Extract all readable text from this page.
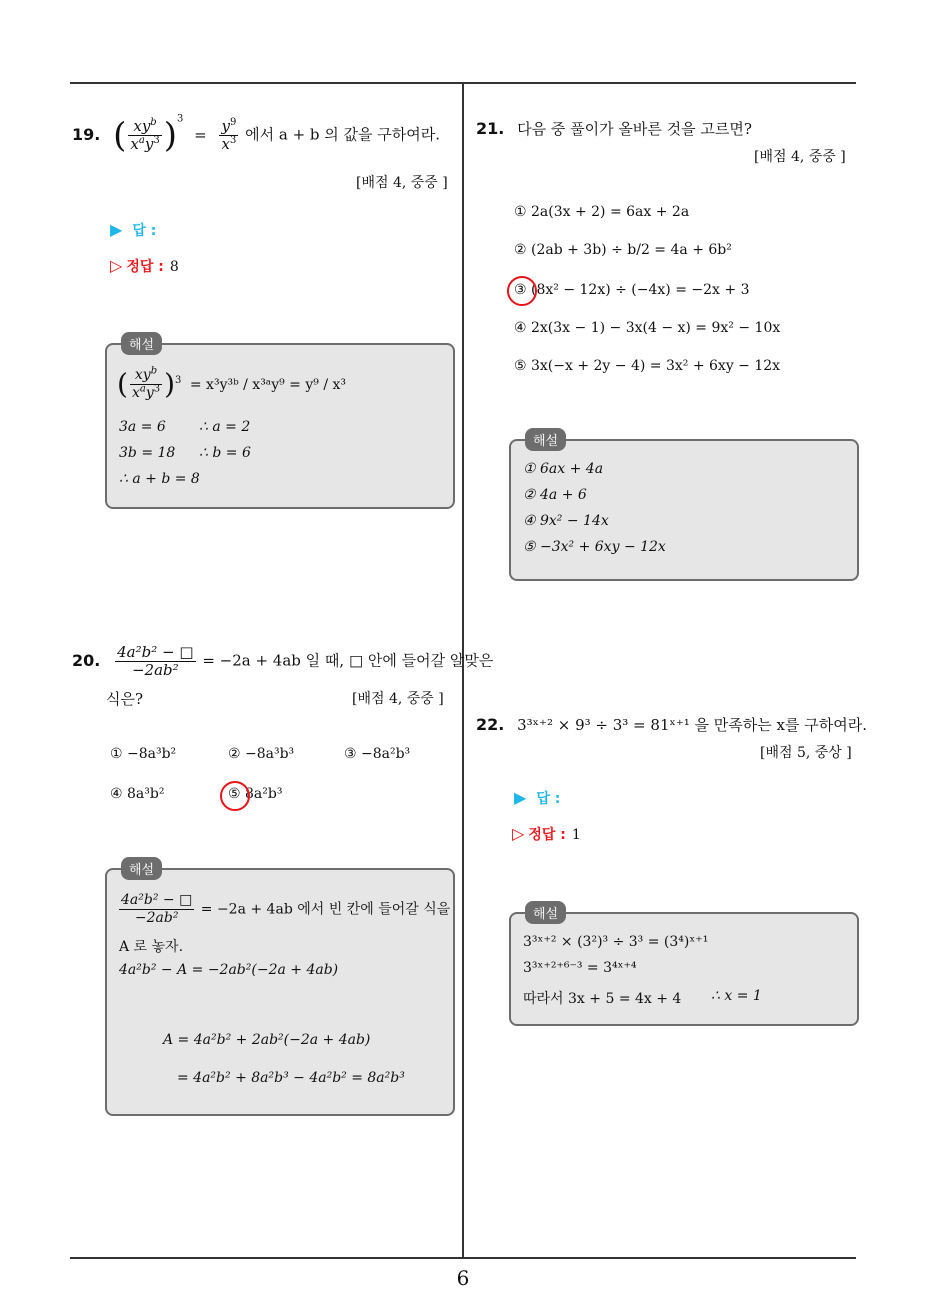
19. ( $\frac{xy^b}{x^ay^3} )^3 = \frac{y^9}{x^3}$ 에서 a + b 의 값을 구하여라.
[배점 4, 중중 ]
▶ 답 :
▷ 정답 : 8
해설
( $\frac{xy^b}{x^ay^3} )^3$ = x³y³ᵇ / x³ᵃy⁹ = y⁹ / x³
3a = 6 ∴ a = 2
3b = 18 ∴ b = 6
∴ a + b = 8
20. $\frac{\text{4a²b² − □}}{\text{−2ab²}} = -2a + 4ab$ 일 때, □ 안에 들어갈 알맞은
식은?	[배점 4, 중중 ]
① −8a³b²	② −8a³b³	③ −8a²b³
④ 8a³b²	⑤ 8a²b³
해설
$\frac{\text{4a²b² − □}}{\text{−2ab²}} = -2a + 4ab$ 에서 빈 칸에 들어갈 식을
A 로 놓자.
4a²b² − A = −2ab²(−2a + 4ab)
A = 4a²b² + 2ab²(−2a + 4ab)
= 4a²b² + 8a²b³ − 4a²b² = 8a²b³
21. 다음 중 풀이가 올바른 것을 고르면?
[배점 4, 중중 ]
① 2a(3x + 2) = 6ax + 2a
② (2ab + 3b) ÷ b/2 = 4a + 6b²
③ (8x² − 12x) ÷ (−4x) = −2x + 3
④ 2x(3x − 1) − 3x(4 − x) = 9x² − 10x
⑤ 3x(−x + 2y − 4) = 3x² + 6xy − 12x
해설
① 6ax + 4a
② 4a + 6
④ 9x² − 14x
⑤ −3x² + 6xy − 12x
22. 3³ˣ⁺² × 9³ ÷ 3³ = 81ˣ⁺¹ 을 만족하는 x를 구하여라.
[배점 5, 중상 ]
▶ 답 :
▷ 정답 : 1
해설
3³ˣ⁺² × (3²)³ ÷ 3³ = (3⁴)ˣ⁺¹
3³ˣ⁺²⁺⁶⁻³ = 3⁴ˣ⁺⁴
따라서 3x + 5 = 4x + 4 ∴ x = 1
6
